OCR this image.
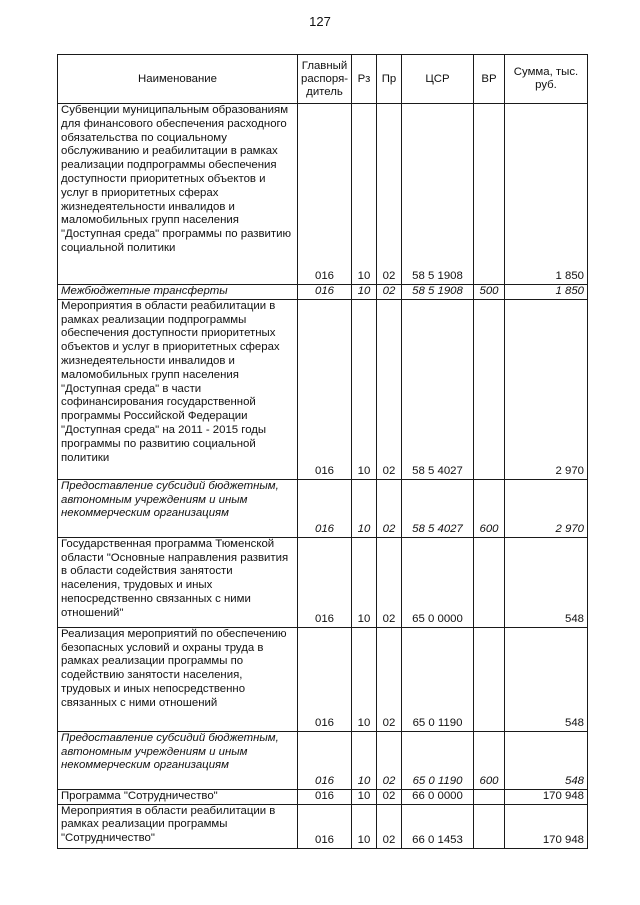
127
Наименование	Главный распоря-дитель	Рз	Пр	ЦСР	ВР	Сумма, тыс. руб.

Субвенции муниципальным образованиям для финансового обеспечения расходного обязательства по социальному обслуживанию и реабилитации в рамках реализации подпрограммы обеспечения доступности приоритетных объектов и услуг в приоритетных сферах жизнедеятельности инвалидов и маломобильных групп населения "Доступная среда" программы по развитию социальной политики	016	10	02	58 5 1908		1 850
Межбюджетные трансферты	016	10	02	58 5 1908	500	1 850

Мероприятия в области реабилитации в рамках реализации подпрограммы обеспечения доступности приоритетных объектов и услуг в приоритетных сферах жизнедеятельности инвалидов и маломобильных групп населения "Доступная среда" в части софинансирования государственной программы Российской Федерации "Доступная среда" на 2011 - 2015 годы программы по развитию социальной политики	016	10	02	58 5 4027		2 970
Предоставление субсидий бюджетным, автономным учреждениям и иным некоммерческим организациям	016	10	02	58 5 4027	600	2 970
Государственная программа Тюменской области "Основные направления развития в области содействия занятости населения, трудовых и иных непосредственно связанных с ними отношений"	016	10	02	65 0 0000		548

Реализация мероприятий по обеспечению безопасных условий и охраны труда в рамках реализации программы по содействию занятости населения, трудовых и иных непосредственно связанных с ними отношений	016	10	02	65 0 1190		548
Предоставление субсидий бюджетным, автономным учреждениям и иным некоммерческим организациям	016	10	02	65 0 1190	600	548
Программа "Сотрудничество"	016	10	02	66 0 0000		170 948
Мероприятия в области реабилитации в рамках реализации программы "Сотрудничество"	016	10	02	66 0 1453		170 948
